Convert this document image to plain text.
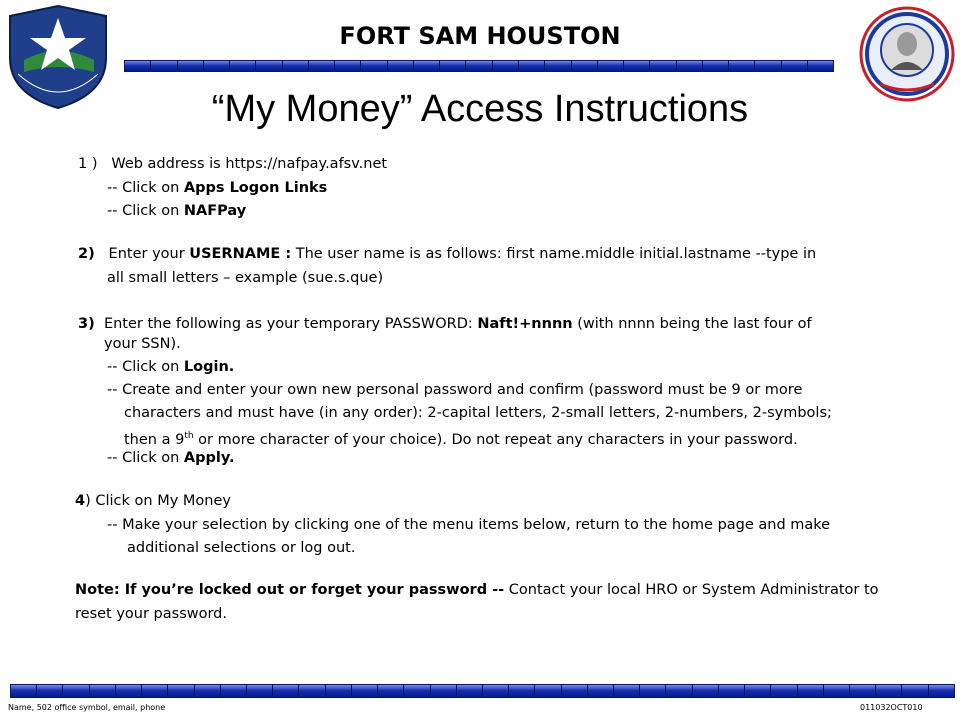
FORT SAM HOUSTON
“My Money” Access Instructions
1 ) Web address is https://nafpay.afsv.net
-- Click on Apps Logon Links
-- Click on NAFPay
2) Enter your USERNAME : The user name is as follows: first name.middle initial.lastname --type in
all small letters – example (sue.s.que)
3) Enter the following as your temporary PASSWORD: Naft!+nnnn (with nnnn being the last four of
your SSN).
-- Click on Login.
-- Create and enter your own new personal password and confirm (password must be 9 or more
characters and must have (in any order): 2-capital letters, 2-small letters, 2-numbers, 2-symbols;
then a 9th or more character of your choice). Do not repeat any characters in your password.
-- Click on Apply.
4) Click on My Money
-- Make your selection by clicking one of the menu items below, return to the home page and make
additional selections or log out.
Note: If you’re locked out or forget your password -- Contact your local HRO or System Administrator to
reset your password.
Name, 502 office symbol, email, phone	011032OCT010
